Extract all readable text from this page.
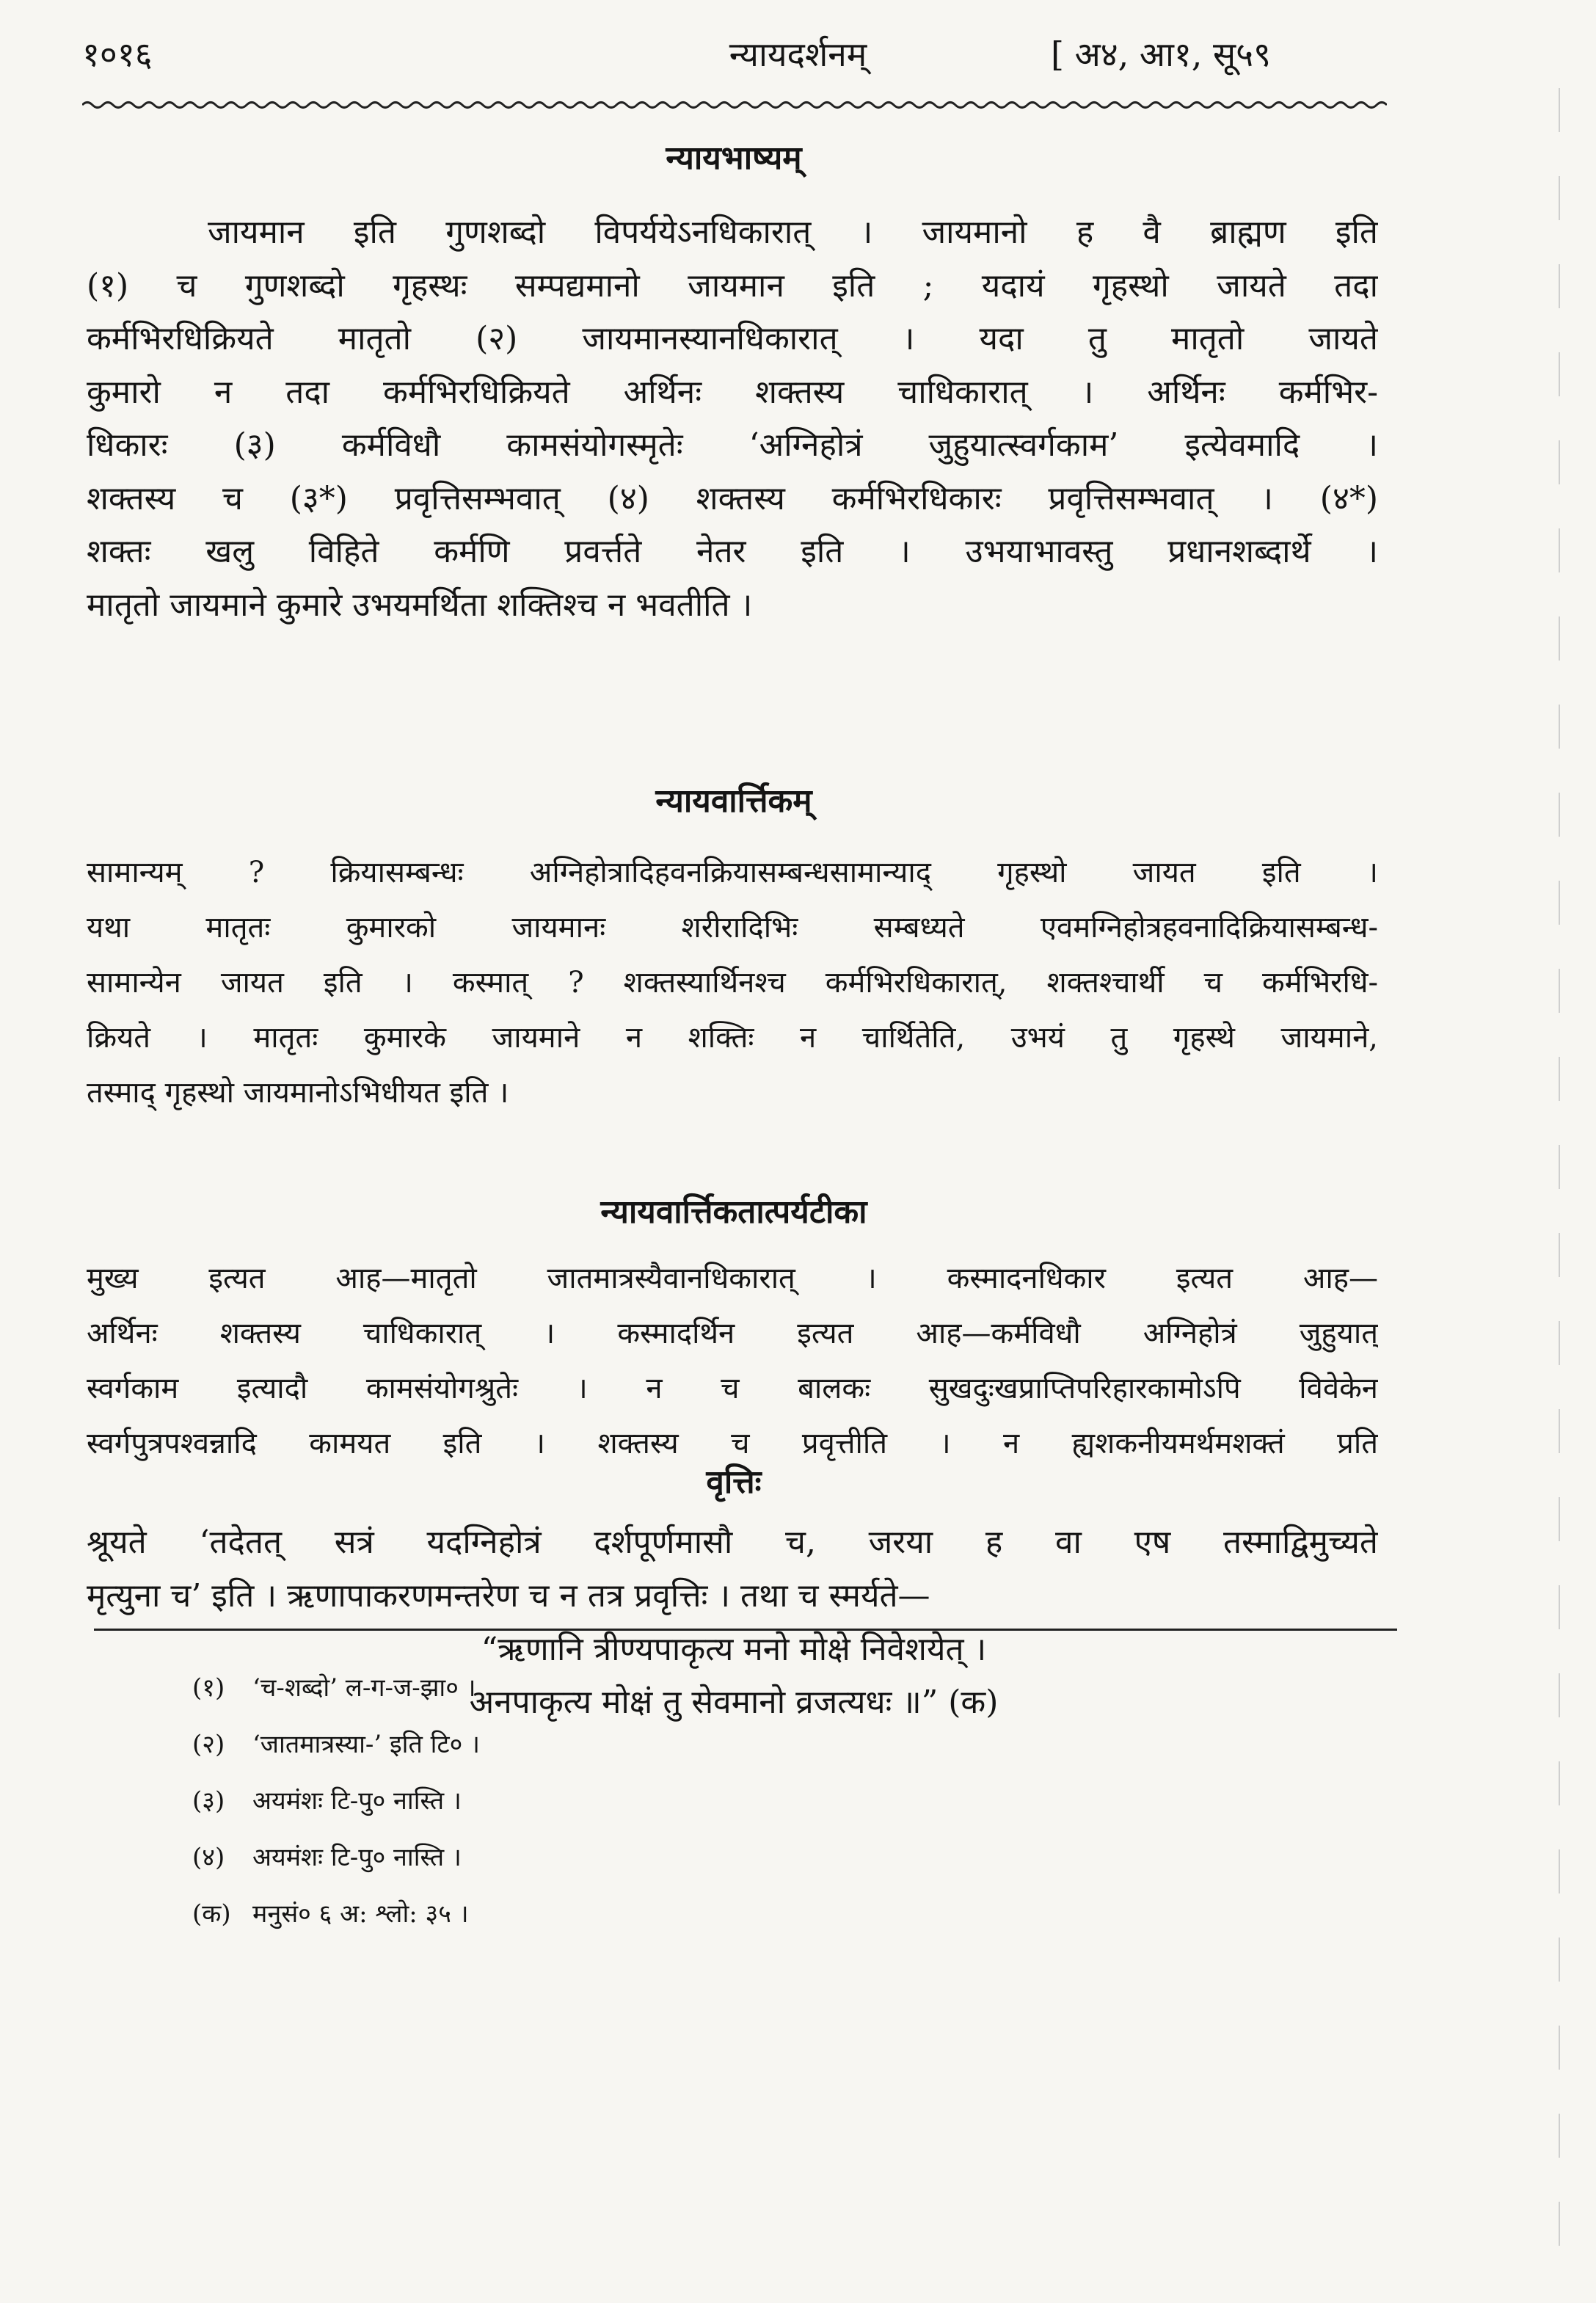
न्यायदर्शनम्
१०१६	[ अ४, आ१, सू५९
न्यायभाष्यम्
जायमान इति गुणशब्दो विपर्ययेऽनधिकारात् । जायमानो ह वै ब्राह्मण इति
(१) च गुणशब्दो गृहस्थः सम्पद्यमानो जायमान इति ; यदायं गृहस्थो जायते तदा
कर्मभिरधिक्रियते मातृतो (२) जायमानस्यानधिकारात् । यदा तु मातृतो जायते
कुमारो न तदा कर्मभिरधिक्रियते अर्थिनः शक्तस्य चाधिकारात् । अर्थिनः कर्मभिर-
धिकारः (३) कर्मविधौ कामसंयोगस्मृतेः ‘अग्निहोत्रं जुहुयात्स्वर्गकाम’ इत्येवमादि ।
शक्तस्य च (३*) प्रवृत्तिसम्भवात् (४) शक्तस्य कर्मभिरधिकारः प्रवृत्तिसम्भवात् । (४*)
शक्तः खलु विहिते कर्मणि प्रवर्त्तते नेतर इति । उभयाभावस्तु प्रधानशब्दार्थे ।
मातृतो जायमाने कुमारे उभयमर्थिता शक्तिश्च न भवतीति ।
न्यायवार्त्तिकम्
सामान्यम् ? क्रियासम्बन्धः अग्निहोत्रादिहवनक्रियासम्बन्धसामान्याद् गृहस्थो जायत इति ।
यथा मातृतः कुमारको जायमानः शरीरादिभिः सम्बध्यते एवमग्निहोत्रहवनादिक्रियासम्बन्ध-
सामान्येन जायत इति । कस्मात् ? शक्तस्यार्थिनश्च कर्मभिरधिकारात्, शक्तश्चार्थी च कर्मभिरधि-
क्रियते । मातृतः कुमारके जायमाने न शक्तिः न चार्थितेति, उभयं तु गृहस्थे जायमाने,
तस्माद् गृहस्थो जायमानोऽभिधीयत इति ।
न्यायवार्त्तिकतात्पर्यटीका
मुख्य इत्यत आह—मातृतो जातमात्रस्यैवानधिकारात् । कस्मादनधिकार इत्यत आह—
अर्थिनः शक्तस्य चाधिकारात् । कस्मादर्थिन इत्यत आह—कर्मविधौ अग्निहोत्रं जुहुयात्
स्वर्गकाम इत्यादौ कामसंयोगश्रुतेः । न च बालकः सुखदुःखप्राप्तिपरिहारकामोऽपि विवेकेन
स्वर्गपुत्रपश्वन्नादि कामयत इति । शक्तस्य च प्रवृत्तीति । न ह्यशकनीयमर्थमशक्तं प्रति
वृत्तिः
श्रूयते ‘तदेतत् सत्रं यदग्निहोत्रं दर्शपूर्णमासौ च, जरया ह वा एष तस्माद्विमुच्यते
मृत्युना च’ इति । ऋणापाकरणमन्तरेण च न तत्र प्रवृत्तिः । तथा च स्मर्यते—
“ऋणानि त्रीण्यपाकृत्य मनो मोक्षे निवेशयेत् ।
अनपाकृत्य मोक्षं तु सेवमानो व्रजत्यधः ॥” (क)
(१) ‘च-शब्दो’ ल-ग-ज-झा० ।
(२) ‘जातमात्रस्या-’ इति टि० ।
(३) अयमंशः टि-पु० नास्ति ।
(४) अयमंशः टि-पु० नास्ति ।
(क) मनुसं० ६ अ: श्लो: ३५ ।
